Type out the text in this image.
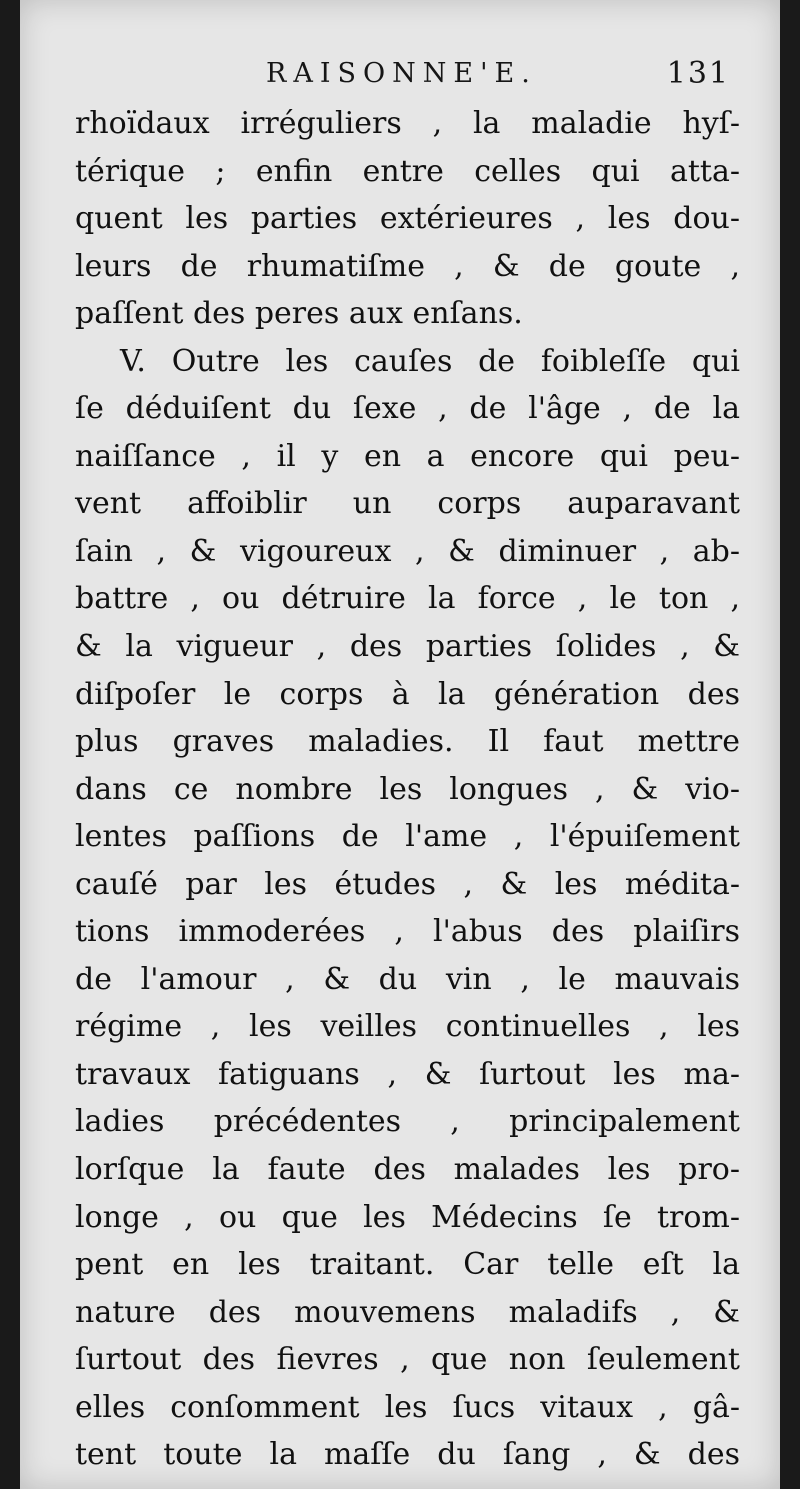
RAISONNE'E.	131
rhoïdaux irréguliers , la maladie hyſ-
térique ; enfin entre celles qui atta-
quent les parties extérieures , les dou-
leurs de rhumatiſme , & de goute ,
paſſent des peres aux enſans.
V. Outre les cauſes de foibleſſe qui
ſe déduiſent du ſexe , de l'âge , de la
naiſſance , il y en a encore qui peu-
vent affoiblir un corps auparavant
ſain , & vigoureux , & diminuer , ab-
battre , ou détruire la force , le ton ,
& la vigueur , des parties ſolides , &
diſpoſer le corps à la génération des
plus graves maladies. Il faut mettre
dans ce nombre les longues , & vio-
lentes paſſions de l'ame , l'épuiſement
cauſé par les études , & les médita-
tions immoderées , l'abus des plaiſirs
de l'amour , & du vin , le mauvais
régime , les veilles continuelles , les
travaux fatiguans , & ſurtout les ma-
ladies précédentes , principalement
lorſque la faute des malades les pro-
longe , ou que les Médecins ſe trom-
pent en les traitant. Car telle eſt la
nature des mouvemens maladifs , &
ſurtout des fievres , que non ſeulement
elles conſomment les ſucs vitaux , gâ-
tent toute la maſſe du ſang , & des
